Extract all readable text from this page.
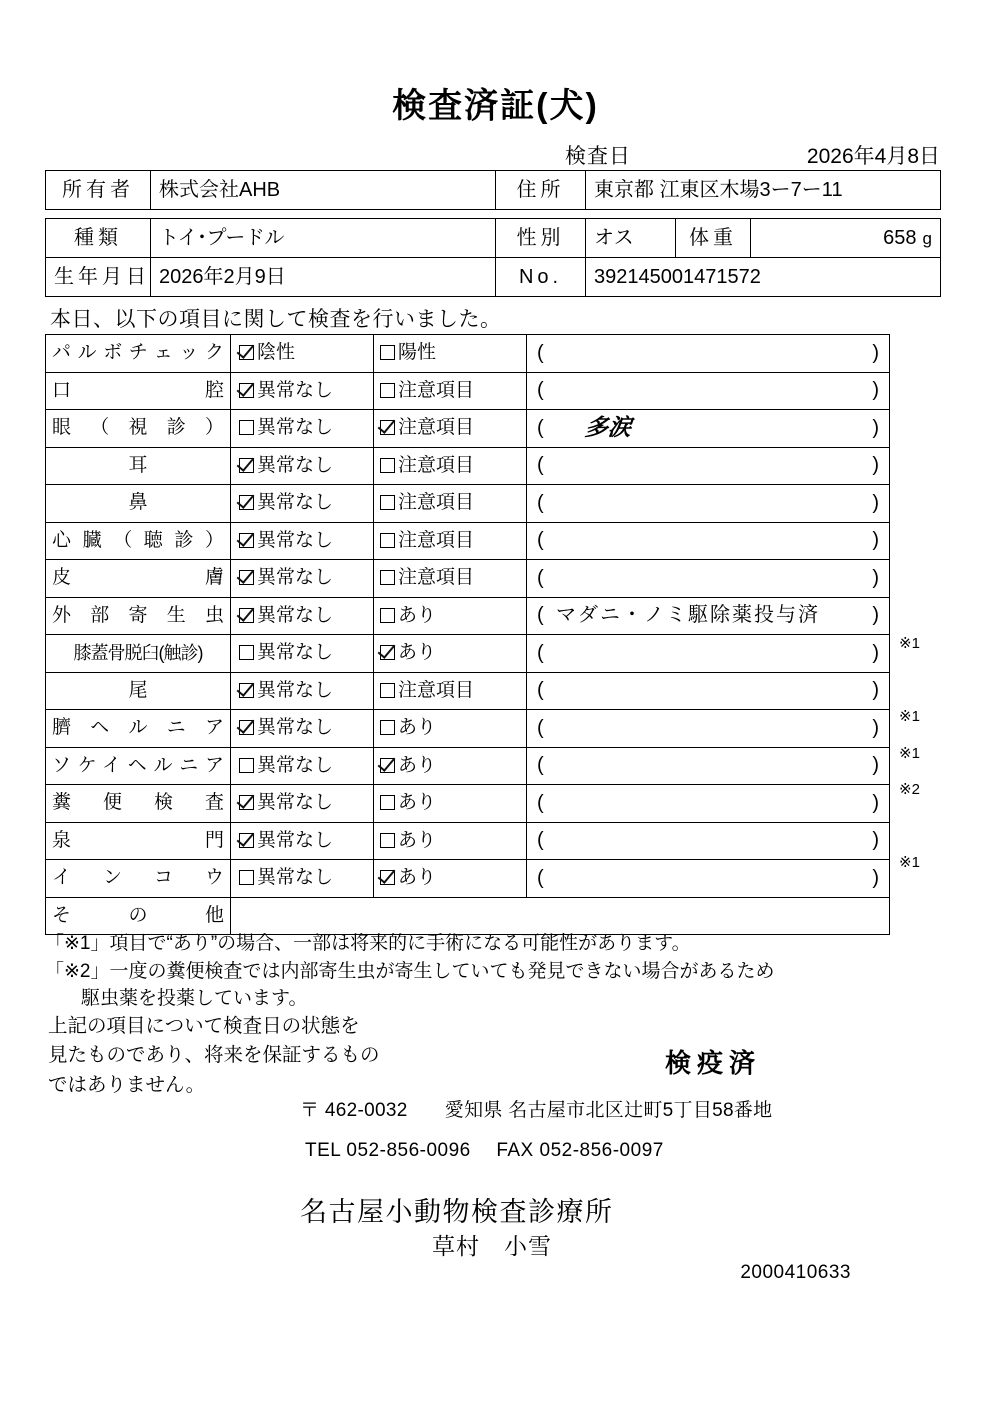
検査済証(犬)
検査日	2026年4月8日
所有者	株式会社AHB	住所	東京都 江東区木場3ー7ー11
種類	トイ･プードル	性別	オス	体重	658 g
生年月日	2026年2月9日	No.	392145001471572		
本日、以下の項目に関して検査を行いました。
パルボチェック	陰性	陽性	( )

口　　　　　腔	異常なし	注意項目	( )

眼（視診）	異常なし	注意項目	( 多涙 )

耳	異常なし	注意項目	( )

鼻	異常なし	注意項目	( )

心臓（聴診）	異常なし	注意項目	( )

皮　　　　　膚	異常なし	注意項目	( )

外部寄生虫	異常なし	あり	( マダニ・ノミ駆除薬投与済 )

膝蓋骨脱臼(触診)	異常なし	あり	( )

尾	異常なし	注意項目	( )

臍ヘルニア	異常なし	あり	( )

ソケイヘルニア	異常なし	あり	( )

糞便検査	異常なし	あり	( )

泉　　　　　門	異常なし	あり	( )

インコウ	異常なし	あり	( )

そ　　の　　他			

※1
※1
※1
※2
※1
「※1」項目で“あり”の場合、一部は将来的に手術になる可能性があります。
「※2」一度の糞便検査では内部寄生虫が寄生していても発見できない場合があるため
駆虫薬を投薬しています。
上記の項目について検査日の状態を
見たものであり、将来を保証するもの
ではありません。
検疫済
〒 462-0032 愛知県 名古屋市北区辻町5丁目58番地
TEL 052-856-0096 FAX 052-856-0097
名古屋小動物検査診療所
草村　小雪
2000410633
